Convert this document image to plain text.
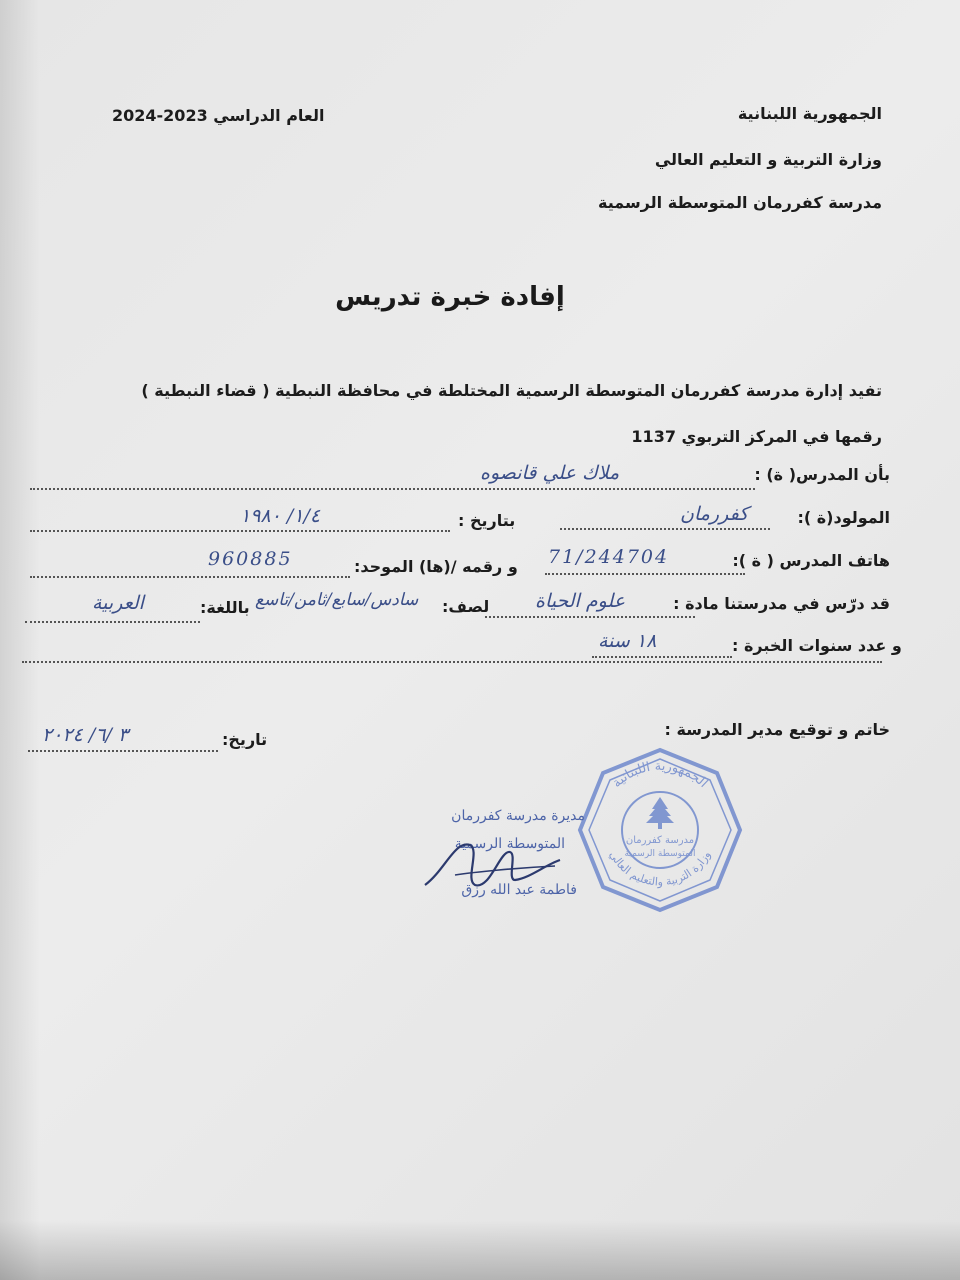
الجمهورية اللبنانية
وزارة التربية و التعليم العالي
مدرسة كفررمان المتوسطة الرسمية
العام الدراسي 2023-2024
إفادة خبرة تدريس
تفيد إدارة مدرسة كفررمان المتوسطة الرسمية المختلطة في محافظة النبطية ( قضاء النبطية )
رقمها في المركز التربوي 1137
بأن المدرس( ة) :
ملاك علي قانصوه
المولود(ة ):
كفررمان
بتاريخ :
١/٤/ ١٩٨٠
هاتف المدرس ( ة ):
71/244704
و رقمه /(ها) الموحد:
960885
قد درّس في مدرستنا مادة :
علوم الحياة
لصف:
سادس/سابع/ثامن/تاسع
باللغة:
العربية
و عدد سنوات الخبرة :
١٨ سنة
خاتم و توقيع مدير المدرسة :
تاريخ:
٣ /٦/ ٢٠٢٤
الجمهورية اللبنانية
وزارة التربية والتعليم العالي
مدرسة كفررمان
المتوسطة الرسمية
مديرة مدرسة كفررمان
المتوسطة الرسمية
فاطمة عبد الله رزق
